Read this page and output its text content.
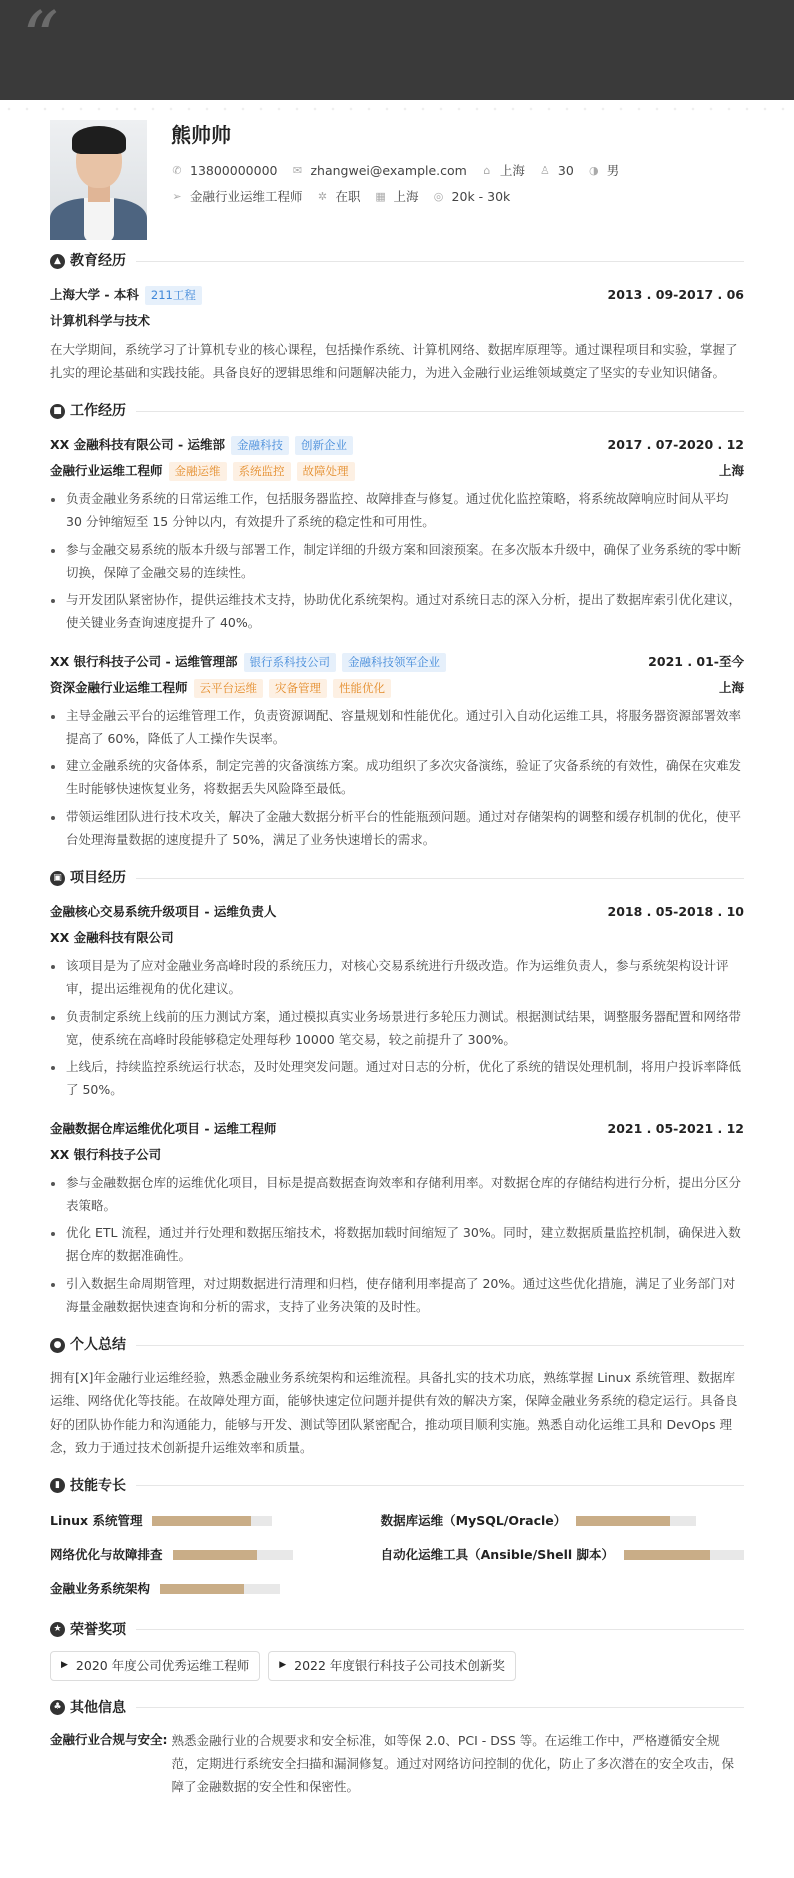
“
熊帅帅
✆ 13800000000 ✉ zhangwei@example.com ⌂ 上海 ♙ 30 ◑ 男
➢ 金融行业运维工程师 ✲ 在职 ▦ 上海 ◎ 20k - 30k
▲ 教育经历
上海大学 - 本科 211工程	2013 . 09-2017 . 06
计算机科学与技术
在大学期间，系统学习了计算机专业的核心课程，包括操作系统、计算机网络、数据库原理等。通过课程项目和实验，掌握了扎实的理论基础和实践技能。具备良好的逻辑思维和问题解决能力，为进入金融行业运维领域奠定了坚实的专业知识储备。
■ 工作经历
XX 金融科技有限公司 - 运维部 金融科技 创新企业	2017 . 07-2020 . 12
金融行业运维工程师 金融运维 系统监控 故障处理	上海
负责金融业务系统的日常运维工作，包括服务器监控、故障排查与修复。通过优化监控策略，将系统故障响应时间从平均 30 分钟缩短至 15 分钟以内，有效提升了系统的稳定性和可用性。
参与金融交易系统的版本升级与部署工作，制定详细的升级方案和回滚预案。在多次版本升级中，确保了业务系统的零中断切换，保障了金融交易的连续性。
与开发团队紧密协作，提供运维技术支持，协助优化系统架构。通过对系统日志的深入分析，提出了数据库索引优化建议，使关键业务查询速度提升了 40%。
XX 银行科技子公司 - 运维管理部 银行系科技公司 金融科技领军企业	2021 . 01-至今
资深金融行业运维工程师 云平台运维 灾备管理 性能优化	上海
主导金融云平台的运维管理工作，负责资源调配、容量规划和性能优化。通过引入自动化运维工具，将服务器资源部署效率提高了 60%，降低了人工操作失误率。
建立金融系统的灾备体系，制定完善的灾备演练方案。成功组织了多次灾备演练，验证了灾备系统的有效性，确保在灾难发生时能够快速恢复业务，将数据丢失风险降至最低。
带领运维团队进行技术攻关，解决了金融大数据分析平台的性能瓶颈问题。通过对存储架构的调整和缓存机制的优化，使平台处理海量数据的速度提升了 50%，满足了业务快速增长的需求。
▣ 项目经历
金融核心交易系统升级项目 - 运维负责人	2018 . 05-2018 . 10
XX 金融科技有限公司
该项目是为了应对金融业务高峰时段的系统压力，对核心交易系统进行升级改造。作为运维负责人，参与系统架构设计评审，提出运维视角的优化建议。
负责制定系统上线前的压力测试方案，通过模拟真实业务场景进行多轮压力测试。根据测试结果，调整服务器配置和网络带宽，使系统在高峰时段能够稳定处理每秒 10000 笔交易，较之前提升了 300%。
上线后，持续监控系统运行状态，及时处理突发问题。通过对日志的分析，优化了系统的错误处理机制，将用户投诉率降低了 50%。
金融数据仓库运维优化项目 - 运维工程师	2021 . 05-2021 . 12
XX 银行科技子公司
参与金融数据仓库的运维优化项目，目标是提高数据查询效率和存储利用率。对数据仓库的存储结构进行分析，提出分区分表策略。
优化 ETL 流程，通过并行处理和数据压缩技术，将数据加载时间缩短了 30%。同时，建立数据质量监控机制，确保进入数据仓库的数据准确性。
引入数据生命周期管理，对过期数据进行清理和归档，使存储利用率提高了 20%。通过这些优化措施，满足了业务部门对海量金融数据快速查询和分析的需求，支持了业务决策的及时性。
● 个人总结
拥有[X]年金融行业运维经验，熟悉金融业务系统架构和运维流程。具备扎实的技术功底，熟练掌握 Linux 系统管理、数据库运维、网络优化等技能。在故障处理方面，能够快速定位问题并提供有效的解决方案，保障金融业务系统的稳定运行。具备良好的团队协作能力和沟通能力，能够与开发、测试等团队紧密配合，推动项目顺利实施。熟悉自动化运维工具和 DevOps 理念，致力于通过技术创新提升运维效率和质量。
▮ 技能专长
Linux 系统管理	数据库运维（MySQL/Oracle）
网络优化与故障排查	自动化运维工具（Ansible/Shell 脚本）
金融业务系统架构
★ 荣誉奖项
▶ 2020 年度公司优秀运维工程师	▶ 2022 年度银行科技子公司技术创新奖
♣ 其他信息
金融行业合规与安全: 熟悉金融行业的合规要求和安全标准，如等保 2.0、PCI - DSS 等。在运维工作中，严格遵循安全规范，定期进行系统安全扫描和漏洞修复。通过对网络访问控制的优化，防止了多次潜在的安全攻击，保障了金融数据的安全性和保密性。
